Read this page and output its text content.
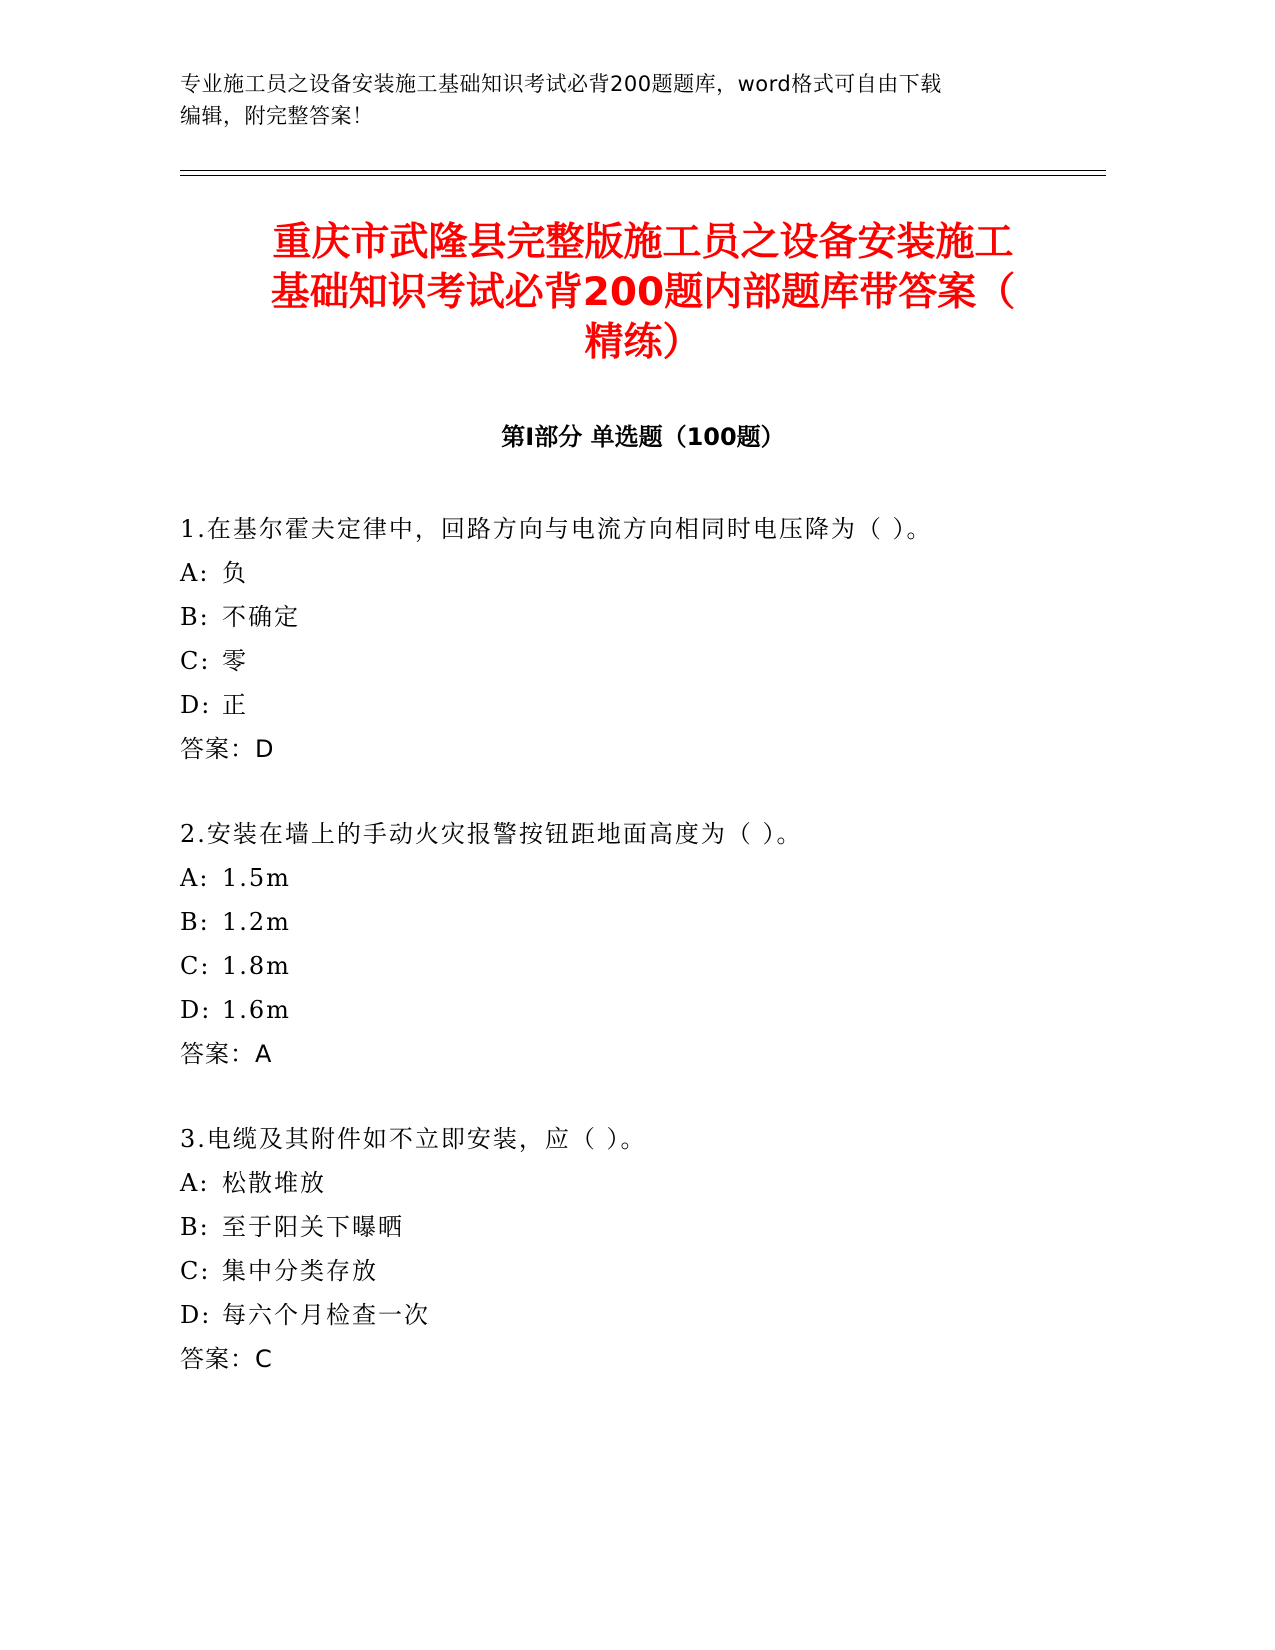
专业施工员之设备安装施工基础知识考试必背200题题库，word格式可自由下载
编辑，附完整答案！
重庆市武隆县完整版施工员之设备安装施工
基础知识考试必背200题内部题库带答案（
精练）
第I部分 单选题（100题）
1.在基尔霍夫定律中，回路方向与电流方向相同时电压降为（ ）。
A: 负
B: 不确定
C: 零
D: 正
答案：D
2.安装在墙上的手动火灾报警按钮距地面高度为（ ）。
A: 1.5m
B: 1.2m
C: 1.8m
D: 1.6m
答案：A
3.电缆及其附件如不立即安装，应（ ）。
A: 松散堆放
B: 至于阳关下曝晒
C: 集中分类存放
D: 每六个月检查一次
答案：C
